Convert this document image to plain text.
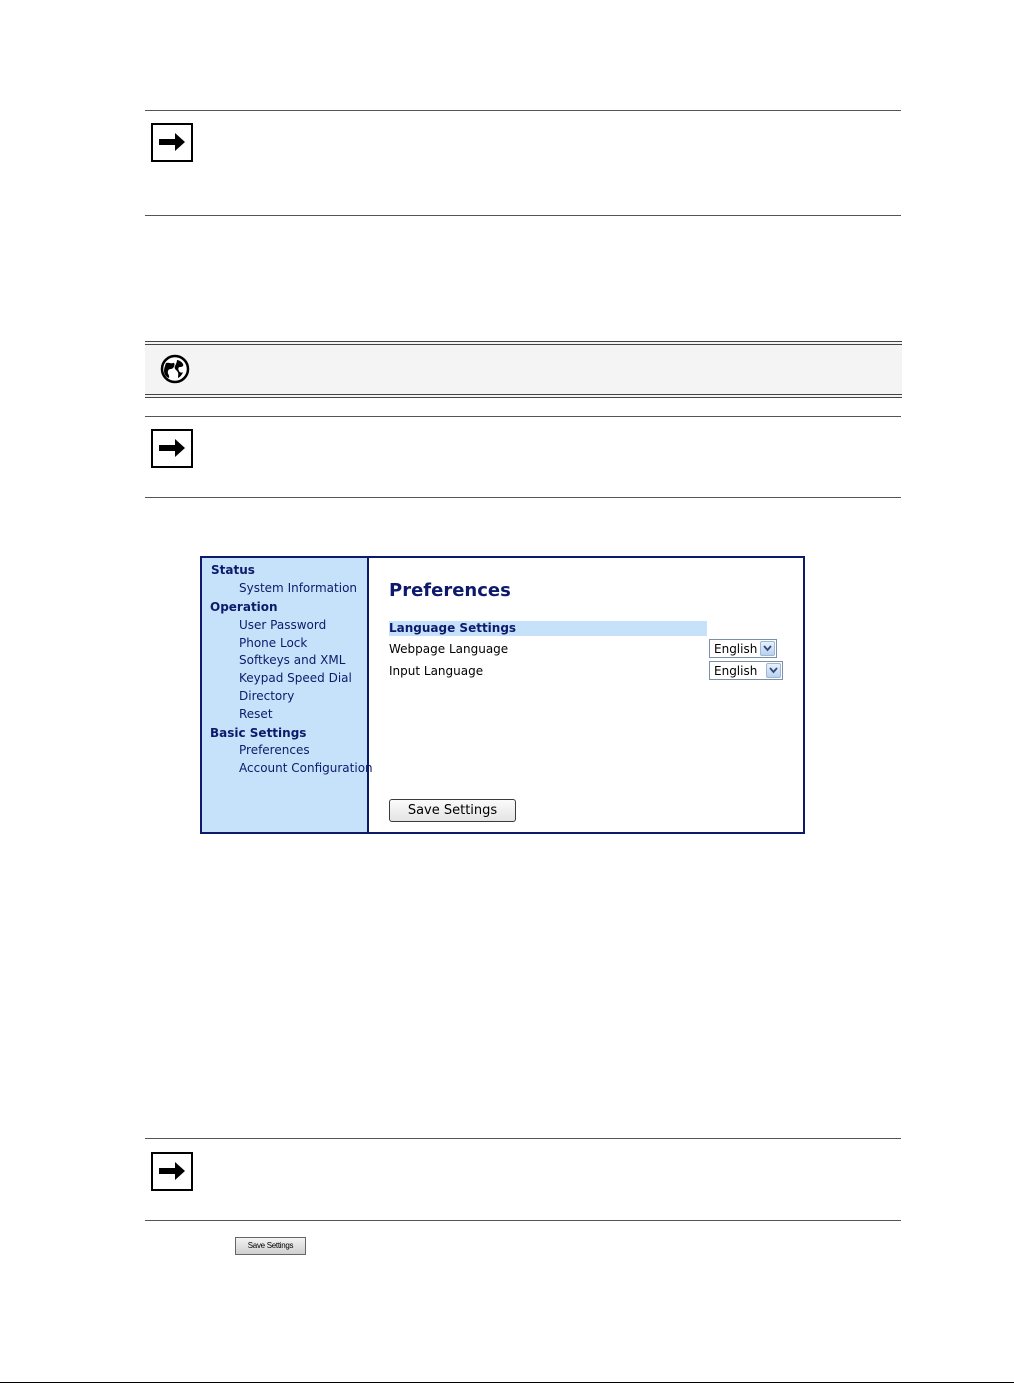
Status
System Information
Operation
User Password
Phone Lock
Softkeys and XML
Keypad Speed Dial
Directory
Reset
Basic Settings
Preferences
Account Configuration
Preferences
Language Settings
Webpage Language	English
Input Language	English
Save Settings
Save Settings
